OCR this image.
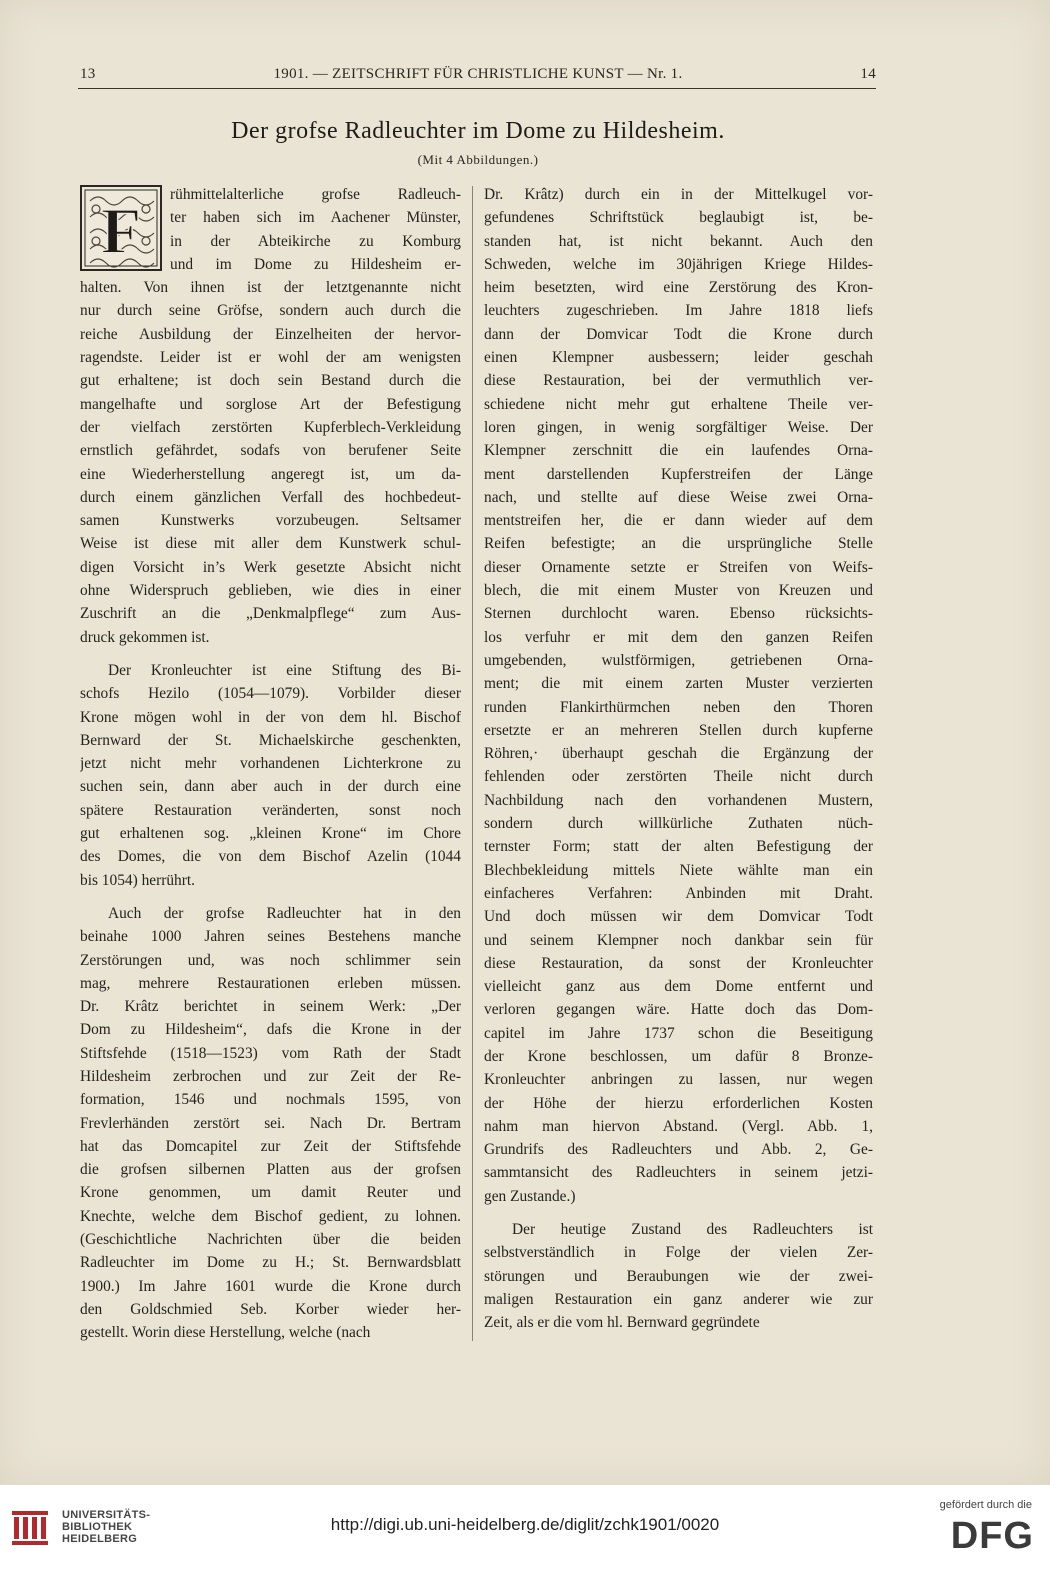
13	1901. — ZEITSCHRIFT FÜR CHRISTLICHE KUNST — Nr. 1.	14
Der grofse Radleuchter im Dome zu Hildesheim.
(Mit 4 Abbildungen.)
F
rühmittelalterliche grofse Radleuch-
ter haben sich im Aachener Münster,
in der Abteikirche zu Komburg
und im Dome zu Hildesheim er-
halten. Von ihnen ist der letztgenannte nicht
nur durch seine Gröfse, sondern auch durch die
reiche Ausbildung der Einzelheiten der hervor-
ragendste. Leider ist er wohl der am wenigsten
gut erhaltene; ist doch sein Bestand durch die
mangelhafte und sorglose Art der Befestigung
der vielfach zerstörten Kupferblech-Verkleidung
ernstlich gefährdet, sodafs von berufener Seite
eine Wiederherstellung angeregt ist, um da-
durch einem gänzlichen Verfall des hochbedeut-
samen Kunstwerks vorzubeugen. Seltsamer
Weise ist diese mit aller dem Kunstwerk schul-
digen Vorsicht in’s Werk gesetzte Absicht nicht
ohne Widerspruch geblieben, wie dies in einer
Zuschrift an die „Denkmalpflege“ zum Aus-
druck gekommen ist.
Der Kronleuchter ist eine Stiftung des Bi-
schofs Hezilo (1054—1079). Vorbilder dieser
Krone mögen wohl in der von dem hl. Bischof
Bernward der St. Michaelskirche geschenkten,
jetzt nicht mehr vorhandenen Lichterkrone zu
suchen sein, dann aber auch in der durch eine
spätere Restauration veränderten, sonst noch
gut erhaltenen sog. „kleinen Krone“ im Chore
des Domes, die von dem Bischof Azelin (1044
bis 1054) herrührt.
Auch der grofse Radleuchter hat in den
beinahe 1000 Jahren seines Bestehens manche
Zerstörungen und, was noch schlimmer sein
mag, mehrere Restaurationen erleben müssen.
Dr. Krâtz berichtet in seinem Werk: „Der
Dom zu Hildesheim“, dafs die Krone in der
Stiftsfehde (1518—1523) vom Rath der Stadt
Hildesheim zerbrochen und zur Zeit der Re-
formation, 1546 und nochmals 1595, von
Frevlerhänden zerstört sei. Nach Dr. Bertram
hat das Domcapitel zur Zeit der Stiftsfehde
die grofsen silbernen Platten aus der grofsen
Krone genommen, um damit Reuter und
Knechte, welche dem Bischof gedient, zu lohnen.
(Geschichtliche Nachrichten über die beiden
Radleuchter im Dome zu H.; St. Bernwardsblatt
1900.) Im Jahre 1601 wurde die Krone durch
den Goldschmied Seb. Korber wieder her-
gestellt. Worin diese Herstellung, welche (nach
Dr. Krâtz) durch ein in der Mittelkugel vor-
gefundenes Schriftstück beglaubigt ist, be-
standen hat, ist nicht bekannt. Auch den
Schweden, welche im 30jährigen Kriege Hildes-
heim besetzten, wird eine Zerstörung des Kron-
leuchters zugeschrieben. Im Jahre 1818 liefs
dann der Domvicar Todt die Krone durch
einen Klempner ausbessern; leider geschah
diese Restauration, bei der vermuthlich ver-
schiedene nicht mehr gut erhaltene Theile ver-
loren gingen, in wenig sorgfältiger Weise. Der
Klempner zerschnitt die ein laufendes Orna-
ment darstellenden Kupferstreifen der Länge
nach, und stellte auf diese Weise zwei Orna-
mentstreifen her, die er dann wieder auf dem
Reifen befestigte; an die ursprüngliche Stelle
dieser Ornamente setzte er Streifen von Weifs-
blech, die mit einem Muster von Kreuzen und
Sternen durchlocht waren. Ebenso rücksichts-
los verfuhr er mit dem den ganzen Reifen
umgebenden, wulstförmigen, getriebenen Orna-
ment; die mit einem zarten Muster verzierten
runden Flankirthürmchen neben den Thoren
ersetzte er an mehreren Stellen durch kupferne
Röhren,· überhaupt geschah die Ergänzung der
fehlenden oder zerstörten Theile nicht durch
Nachbildung nach den vorhandenen Mustern,
sondern durch willkürliche Zuthaten nüch-
ternster Form; statt der alten Befestigung der
Blechbekleidung mittels Niete wählte man ein
einfacheres Verfahren: Anbinden mit Draht.
Und doch müssen wir dem Domvicar Todt
und seinem Klempner noch dankbar sein für
diese Restauration, da sonst der Kronleuchter
vielleicht ganz aus dem Dome entfernt und
verloren gegangen wäre. Hatte doch das Dom-
capitel im Jahre 1737 schon die Beseitigung
der Krone beschlossen, um dafür 8 Bronze-
Kronleuchter anbringen zu lassen, nur wegen
der Höhe der hierzu erforderlichen Kosten
nahm man hiervon Abstand. (Vergl. Abb. 1,
Grundrifs des Radleuchters und Abb. 2, Ge-
sammtansicht des Radleuchters in seinem jetzi-
gen Zustande.)
Der heutige Zustand des Radleuchters ist
selbstverständlich in Folge der vielen Zer-
störungen und Beraubungen wie der zwei-
maligen Restauration ein ganz anderer wie zur
Zeit, als er die vom hl. Bernward gegründete
UNIVERSITÄTS-
BIBLIOTHEK
HEIDELBERG
http://digi.ub.uni-heidelberg.de/diglit/zchk1901/0020
gefördert durch die
DFG
